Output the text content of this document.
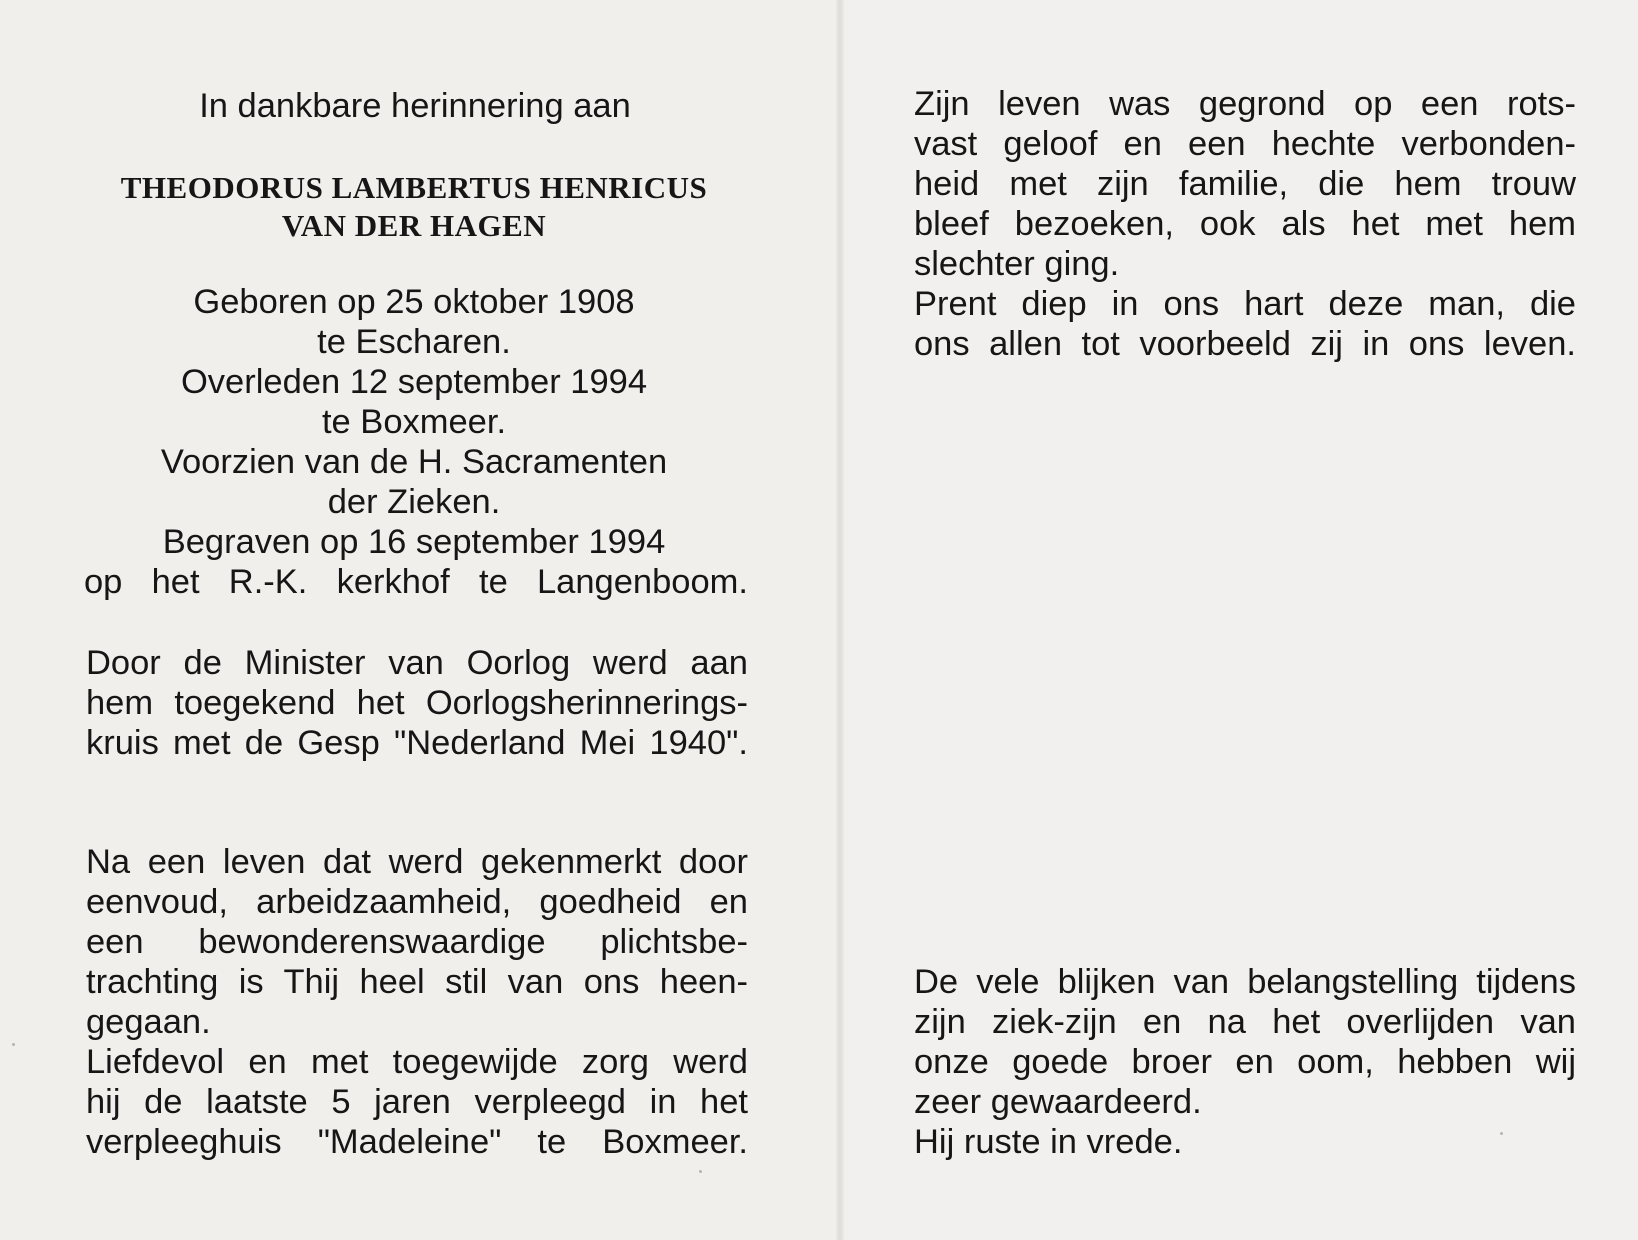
In dankbare herinnering aan
THEODORUS LAMBERTUS HENRICUS
VAN DER HAGEN
Geboren op 25 oktober 1908
te Escharen.
Overleden 12 september 1994
te Boxmeer.
Voorzien van de H. Sacramenten
der Zieken.
Begraven op 16 september 1994
op het R.-K. kerkhof te Langenboom.
Door de Minister van Oorlog werd aan
hem toegekend het Oorlogsherinnerings-
kruis met de Gesp "Nederland Mei 1940".
Na een leven dat werd gekenmerkt door
eenvoud, arbeidzaamheid, goedheid en
een bewonderenswaardige plichtsbe-
trachting is Thij heel stil van ons heen-
gegaan.
Liefdevol en met toegewijde zorg werd
hij de laatste 5 jaren verpleegd in het
verpleeghuis "Madeleine" te Boxmeer.
Zijn leven was gegrond op een rots-
vast geloof en een hechte verbonden-
heid met zijn familie, die hem trouw
bleef bezoeken, ook als het met hem
slechter ging.
Prent diep in ons hart deze man, die
ons allen tot voorbeeld zij in ons leven.
De vele blijken van belangstelling tijdens
zijn ziek-zijn en na het overlijden van
onze goede broer en oom, hebben wij
zeer gewaardeerd.
Hij ruste in vrede.
